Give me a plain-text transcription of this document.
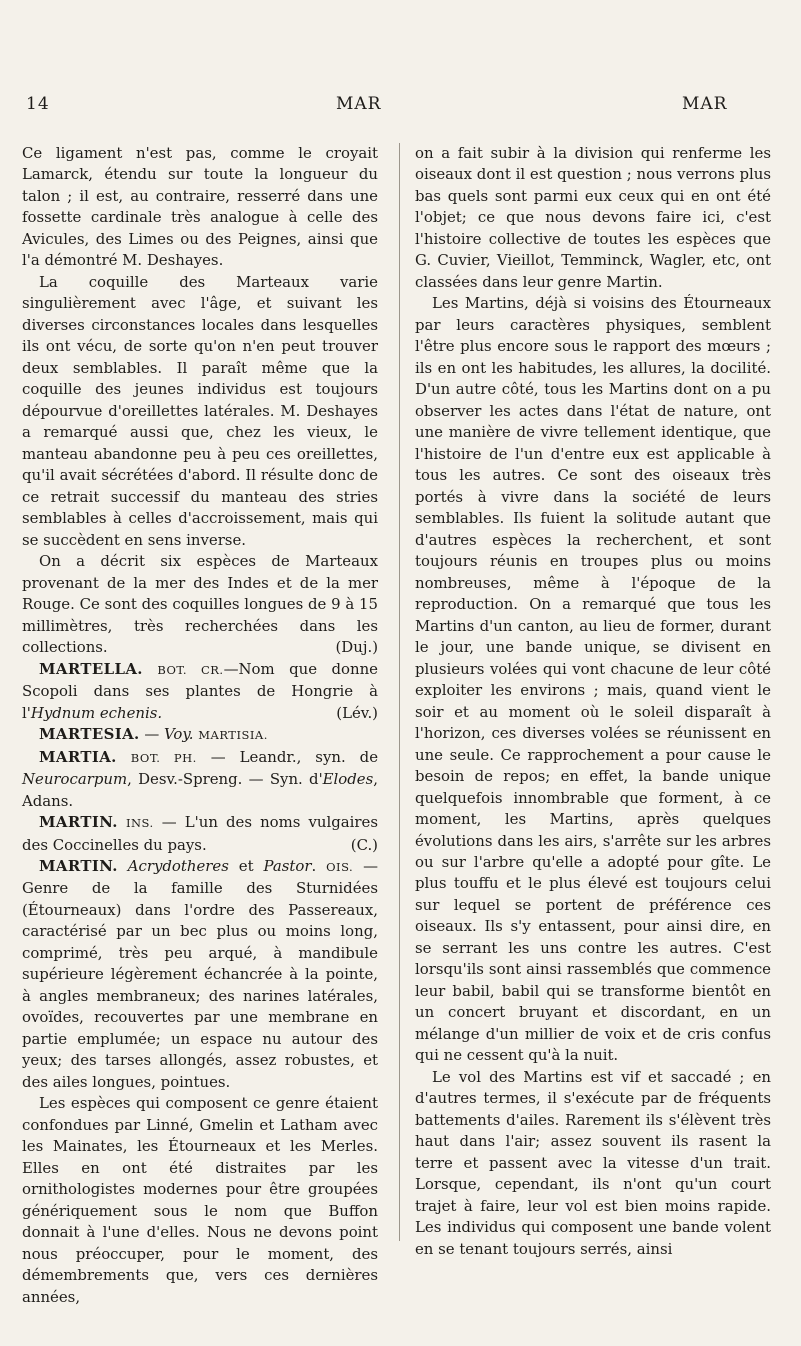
14	MAR	MAR

Ce ligament n'est pas, comme le croyait Lamarck, étendu sur toute la longueur du talon ; il est, au contraire, resserré dans une fossette cardinale très analogue à celle des Avicules, des Limes ou des Peignes, ainsi que l'a démontré M. Deshayes.

La coquille des Marteaux varie singulièrement avec l'âge, et suivant les diverses circonstances locales dans lesquelles ils ont vécu, de sorte qu'on n'en peut trouver deux semblables. Il paraît même que la coquille des jeunes individus est toujours dépourvue d'oreillettes latérales. M. Deshayes a remarqué aussi que, chez les vieux, le manteau abandonne peu à peu ces oreillettes, qu'il avait sécrétées d'abord. Il résulte donc de ce retrait successif du manteau des stries semblables à celles d'accroissement, mais qui se succèdent en sens inverse.

On a décrit six espèces de Marteaux provenant de la mer des Indes et de la mer Rouge. Ce sont des coquilles longues de 9 à 15 millimètres, très recherchées dans les collections.	(Duj.)

MARTELLA. BOT. CR.—Nom que donne Scopoli dans ses plantes de Hongrie à l'Hydnum echenis.	(Lév.)

MARTESIA. — Voy. MARTISIA.

MARTIA. BOT. PH. — Leandr., syn. de Neurocarpum, Desv.-Spreng. — Syn. d'Elodes, Adans.

MARTIN. INS. — L'un des noms vulgaires des Coccinelles du pays.	(C.)

MARTIN. Acrydotheres et Pastor. OIS. — Genre de la famille des Sturnidées (Étourneaux) dans l'ordre des Passereaux, caractérisé par un bec plus ou moins long, comprimé, très peu arqué, à mandibule supérieure légèrement échancrée à la pointe, à angles membraneux; des narines latérales, ovoïdes, recouvertes par une membrane en partie emplumée; un espace nu autour des yeux; des tarses allongés, assez robustes, et des ailes longues, pointues.

Les espèces qui composent ce genre étaient confondues par Linné, Gmelin et Latham avec les Mainates, les Étourneaux et les Merles. Elles en ont été distraites par les ornithologistes modernes pour être groupées génériquement sous le nom que Buffon donnait à l'une d'elles. Nous ne devons point nous préoccuper, pour le moment, des démembrements que, vers ces dernières années,

on a fait subir à la division qui renferme les oiseaux dont il est question ; nous verrons plus bas quels sont parmi eux ceux qui en ont été l'objet; ce que nous devons faire ici, c'est l'histoire collective de toutes les espèces que G. Cuvier, Vieillot, Temminck, Wagler, etc, ont classées dans leur genre Martin.

Les Martins, déjà si voisins des Étourneaux par leurs caractères physiques, semblent l'être plus encore sous le rapport des mœurs ; ils en ont les habitudes, les allures, la docilité. D'un autre côté, tous les Martins dont on a pu observer les actes dans l'état de nature, ont une manière de vivre tellement identique, que l'histoire de l'un d'entre eux est applicable à tous les autres. Ce sont des oiseaux très portés à vivre dans la société de leurs semblables. Ils fuient la solitude autant que d'autres espèces la recherchent, et sont toujours réunis en troupes plus ou moins nombreuses, même à l'époque de la reproduction. On a remarqué que tous les Martins d'un canton, au lieu de former, durant le jour, une bande unique, se divisent en plusieurs volées qui vont chacune de leur côté exploiter les environs ; mais, quand vient le soir et au moment où le soleil disparaît à l'horizon, ces diverses volées se réunissent en une seule. Ce rapprochement a pour cause le besoin de repos; en effet, la bande unique quelquefois innombrable que forment, à ce moment, les Martins, après quelques évolutions dans les airs, s'arrête sur les arbres ou sur l'arbre qu'elle a adopté pour gîte. Le plus touffu et le plus élevé est toujours celui sur lequel se portent de préférence ces oiseaux. Ils s'y entassent, pour ainsi dire, en se serrant les uns contre les autres. C'est lorsqu'ils sont ainsi rassemblés que commence leur babil, babil qui se transforme bientôt en un concert bruyant et discordant, en un mélange d'un millier de voix et de cris confus qui ne cessent qu'à la nuit.

Le vol des Martins est vif et saccadé ; en d'autres termes, il s'exécute par de fréquents battements d'ailes. Rarement ils s'élèvent très haut dans l'air; assez souvent ils rasent la terre et passent avec la vitesse d'un trait. Lorsque, cependant, ils n'ont qu'un court trajet à faire, leur vol est bien moins rapide. Les individus qui composent une bande volent en se tenant toujours serrés, ainsi
